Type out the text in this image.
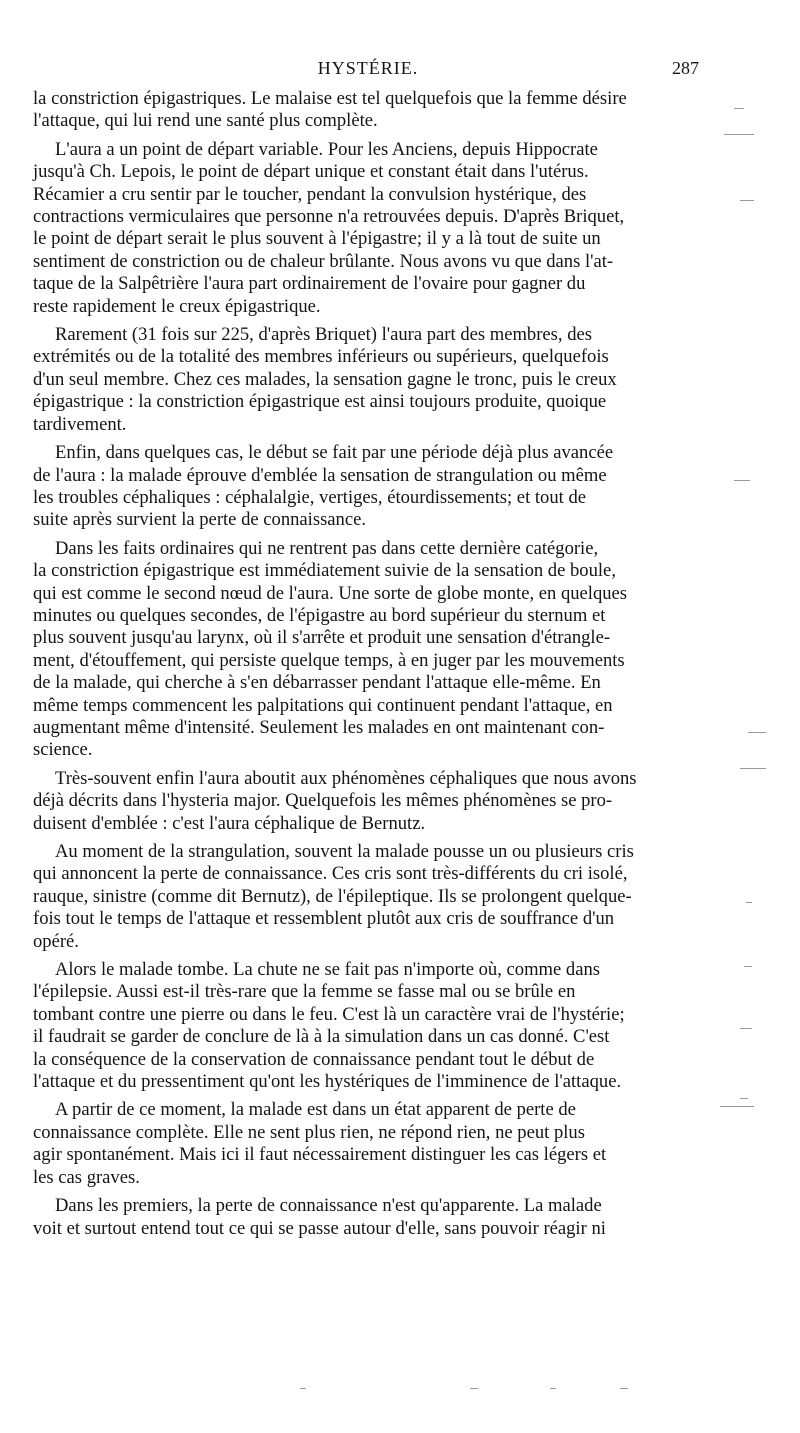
HYSTÉRIE.	287

la constriction épigastriques. Le malaise est tel quelquefois que la femme désire
l'attaque, qui lui rend une santé plus complète.

L'aura a un point de départ variable. Pour les Anciens, depuis Hippocrate
jusqu'à Ch. Lepois, le point de départ unique et constant était dans l'utérus.
Récamier a cru sentir par le toucher, pendant la convulsion hystérique, des
contractions vermiculaires que personne n'a retrouvées depuis. D'après Briquet,
le point de départ serait le plus souvent à l'épigastre; il y a là tout de suite un
sentiment de constriction ou de chaleur brûlante. Nous avons vu que dans l'at-
taque de la Salpêtrière l'aura part ordinairement de l'ovaire pour gagner du
reste rapidement le creux épigastrique.

Rarement (31 fois sur 225, d'après Briquet) l'aura part des membres, des
extrémités ou de la totalité des membres inférieurs ou supérieurs, quelquefois
d'un seul membre. Chez ces malades, la sensation gagne le tronc, puis le creux
épigastrique : la constriction épigastrique est ainsi toujours produite, quoique
tardivement.

Enfin, dans quelques cas, le début se fait par une période déjà plus avancée
de l'aura : la malade éprouve d'emblée la sensation de strangulation ou même
les troubles céphaliques : céphalalgie, vertiges, étourdissements; et tout de
suite après survient la perte de connaissance.

Dans les faits ordinaires qui ne rentrent pas dans cette dernière catégorie,
la constriction épigastrique est immédiatement suivie de la sensation de boule,
qui est comme le second nœud de l'aura. Une sorte de globe monte, en quelques
minutes ou quelques secondes, de l'épigastre au bord supérieur du sternum et
plus souvent jusqu'au larynx, où il s'arrête et produit une sensation d'étrangle-
ment, d'étouffement, qui persiste quelque temps, à en juger par les mouvements
de la malade, qui cherche à s'en débarrasser pendant l'attaque elle-même. En
même temps commencent les palpitations qui continuent pendant l'attaque, en
augmentant même d'intensité. Seulement les malades en ont maintenant con-
science.

Très-souvent enfin l'aura aboutit aux phénomènes céphaliques que nous avons
déjà décrits dans l'hysteria major. Quelquefois les mêmes phénomènes se pro-
duisent d'emblée : c'est l'aura céphalique de Bernutz.

Au moment de la strangulation, souvent la malade pousse un ou plusieurs cris
qui annoncent la perte de connaissance. Ces cris sont très-différents du cri isolé,
rauque, sinistre (comme dit Bernutz), de l'épileptique. Ils se prolongent quelque-
fois tout le temps de l'attaque et ressemblent plutôt aux cris de souffrance d'un
opéré.

Alors le malade tombe. La chute ne se fait pas n'importe où, comme dans
l'épilepsie. Aussi est-il très-rare que la femme se fasse mal ou se brûle en
tombant contre une pierre ou dans le feu. C'est là un caractère vrai de l'hystérie;
il faudrait se garder de conclure de là à la simulation dans un cas donné. C'est
la conséquence de la conservation de connaissance pendant tout le début de
l'attaque et du pressentiment qu'ont les hystériques de l'imminence de l'attaque.

A partir de ce moment, la malade est dans un état apparent de perte de
connaissance complète. Elle ne sent plus rien, ne répond rien, ne peut plus
agir spontanément. Mais ici il faut nécessairement distinguer les cas légers et
les cas graves.

Dans les premiers, la perte de connaissance n'est qu'apparente. La malade
voit et surtout entend tout ce qui se passe autour d'elle, sans pouvoir réagir ni
